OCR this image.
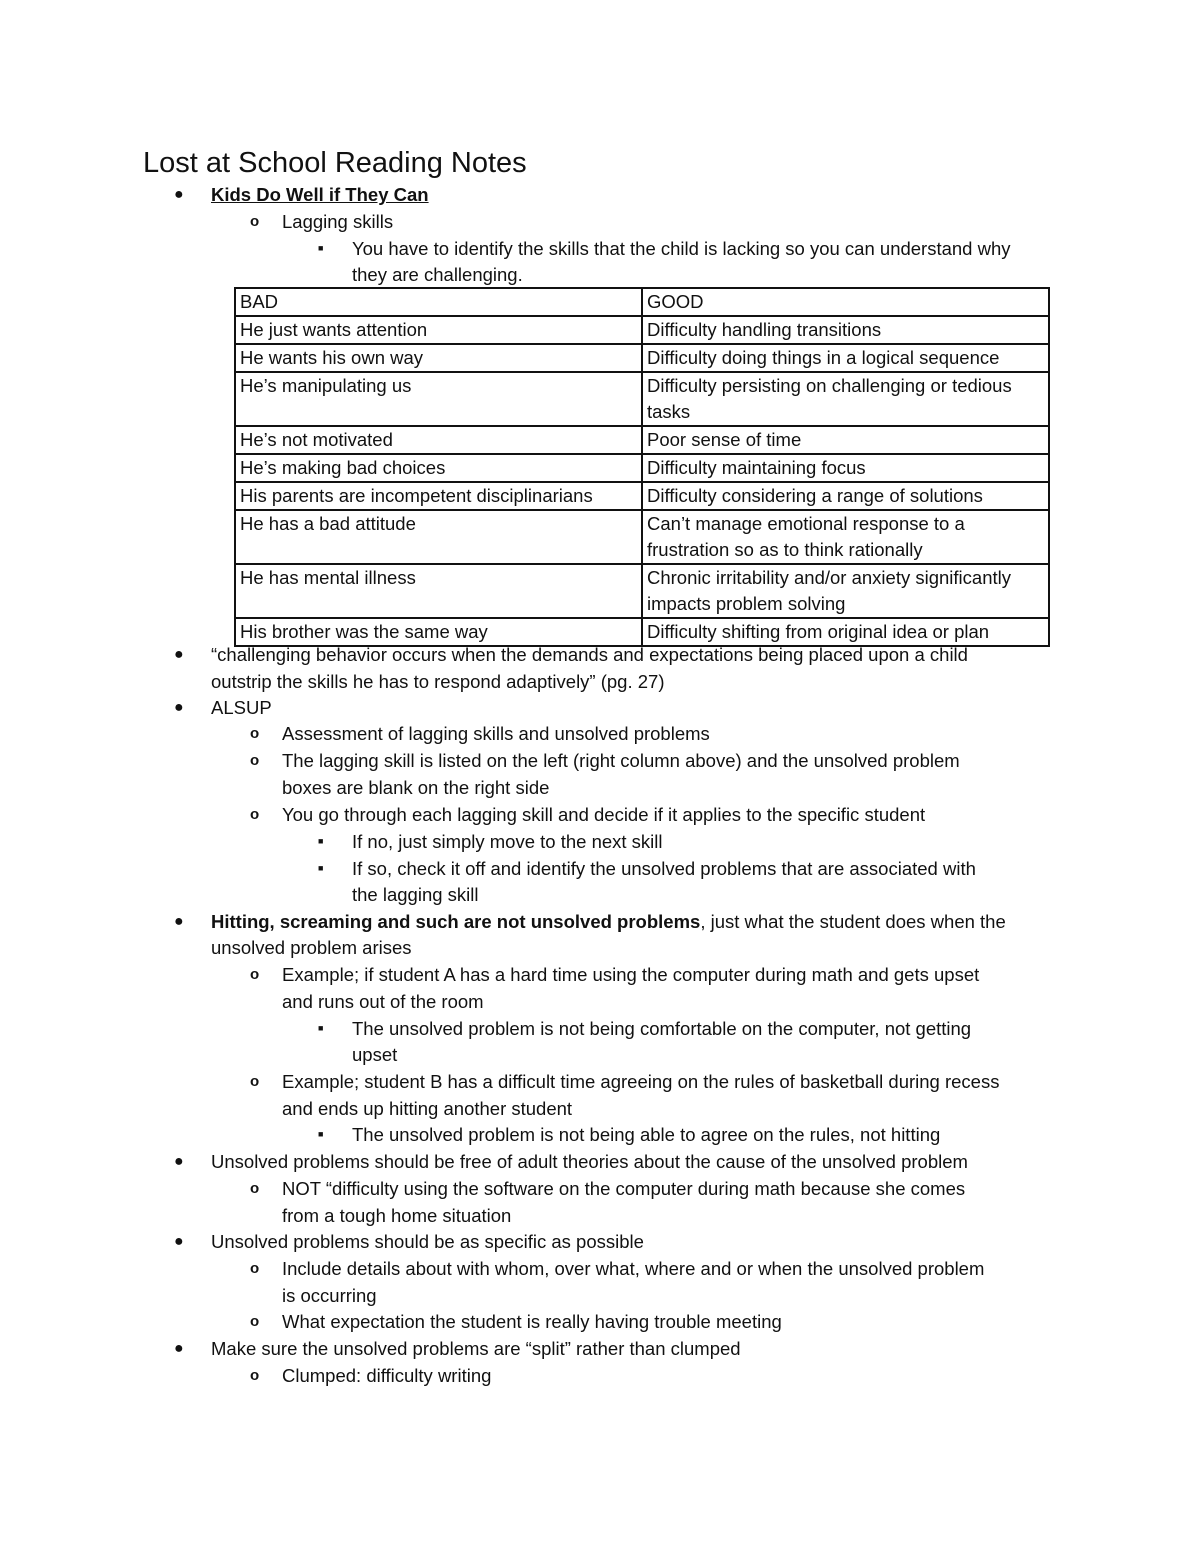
Lost at School Reading Notes
● Kids Do Well if They Can
o Lagging skills
■ You have to identify the skills that the child is lacking so you can understand why
they are challenging.
BAD	GOOD
He just wants attention	Difficulty handling transitions
He wants his own way	Difficulty doing things in a logical sequence
He’s manipulating us	Difficulty persisting on challenging or tedious tasks
He’s not motivated	Poor sense of time
He’s making bad choices	Difficulty maintaining focus
His parents are incompetent disciplinarians	Difficulty considering a range of solutions
He has a bad attitude	Can’t manage emotional response to a frustration so as to think rationally
He has mental illness	Chronic irritability and/or anxiety significantly impacts problem solving
His brother was the same way	Difficulty shifting from original idea or plan
● “challenging behavior occurs when the demands and expectations being placed upon a child
outstrip the skills he has to respond adaptively” (pg. 27)
● ALSUP
o Assessment of lagging skills and unsolved problems
o The lagging skill is listed on the left (right column above) and the unsolved problem
boxes are blank on the right side
o You go through each lagging skill and decide if it applies to the specific student
■ If no, just simply move to the next skill
■ If so, check it off and identify the unsolved problems that are associated with
the lagging skill
● Hitting, screaming and such are not unsolved problems, just what the student does when the
unsolved problem arises
o Example; if student A has a hard time using the computer during math and gets upset
and runs out of the room
■ The unsolved problem is not being comfortable on the computer, not getting
upset
o Example; student B has a difficult time agreeing on the rules of basketball during recess
and ends up hitting another student
■ The unsolved problem is not being able to agree on the rules, not hitting
● Unsolved problems should be free of adult theories about the cause of the unsolved problem
o NOT “difficulty using the software on the computer during math because she comes
from a tough home situation
● Unsolved problems should be as specific as possible
o Include details about with whom, over what, where and or when the unsolved problem
is occurring
o What expectation the student is really having trouble meeting
● Make sure the unsolved problems are “split” rather than clumped
o Clumped: difficulty writing
